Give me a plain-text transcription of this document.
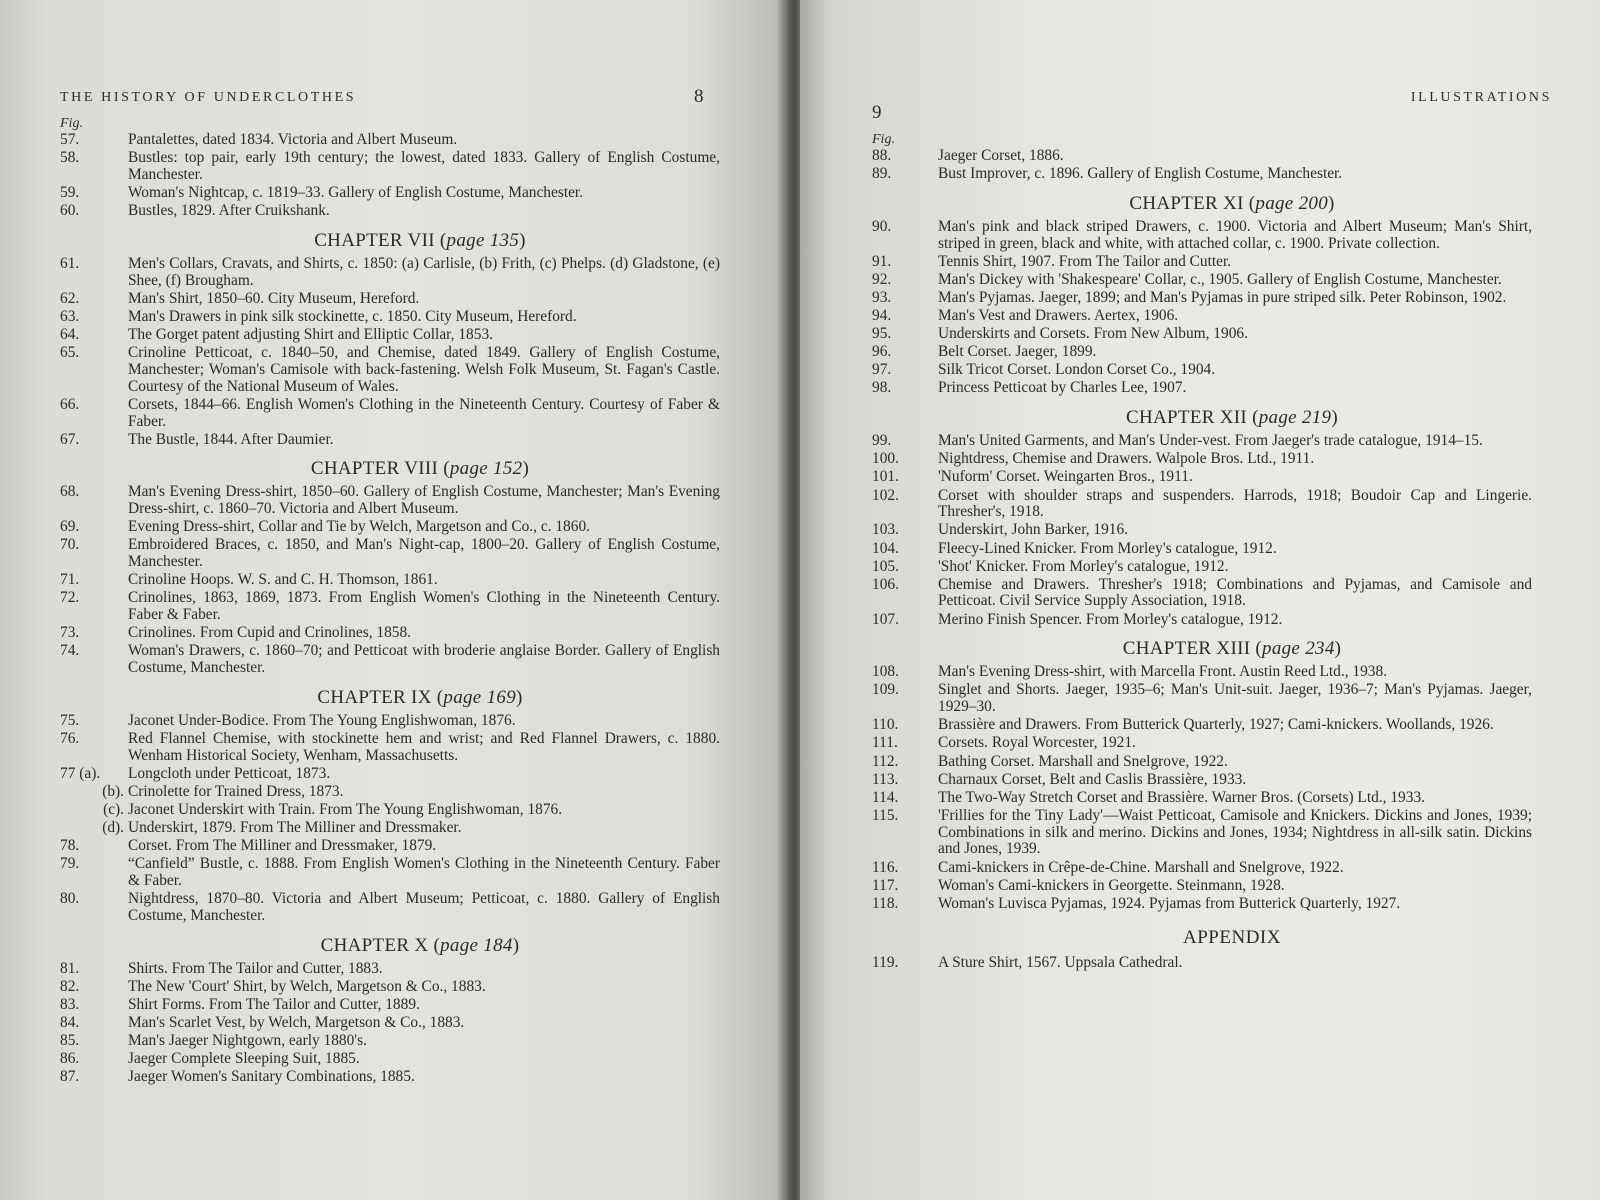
THE HISTORY OF UNDERCLOTHES	8
Fig.
57.	Pantalettes, dated 1834. Victoria and Albert Museum.
58.	Bustles: top pair, early 19th century; the lowest, dated 1833. Gallery of English Costume, Manchester.
59.	Woman's Nightcap, c. 1819–33. Gallery of English Costume, Manchester.
60.	Bustles, 1829. After Cruikshank.
CHAPTER VII (page 135)
61.	Men's Collars, Cravats, and Shirts, c. 1850: (a) Carlisle, (b) Frith, (c) Phelps. (d) Gladstone, (e) Shee, (f) Brougham.
62.	Man's Shirt, 1850–60. City Museum, Hereford.
63.	Man's Drawers in pink silk stockinette, c. 1850. City Museum, Hereford.
64.	The Gorget patent adjusting Shirt and Elliptic Collar, 1853.
65.	Crinoline Petticoat, c. 1840–50, and Chemise, dated 1849. Gallery of English Costume, Manchester; Woman's Camisole with back-fastening. Welsh Folk Museum, St. Fagan's Castle. Courtesy of the National Museum of Wales.
66.	Corsets, 1844–66. English Women's Clothing in the Nineteenth Century. Courtesy of Faber & Faber.
67.	The Bustle, 1844. After Daumier.
CHAPTER VIII (page 152)
68.	Man's Evening Dress-shirt, 1850–60. Gallery of English Costume, Manchester; Man's Evening Dress-shirt, c. 1860–70. Victoria and Albert Museum.
69.	Evening Dress-shirt, Collar and Tie by Welch, Margetson and Co., c. 1860.
70.	Embroidered Braces, c. 1850, and Man's Night-cap, 1800–20. Gallery of English Costume, Manchester.
71.	Crinoline Hoops. W. S. and C. H. Thomson, 1861.
72.	Crinolines, 1863, 1869, 1873. From English Women's Clothing in the Nineteenth Century. Faber & Faber.
73.	Crinolines. From Cupid and Crinolines, 1858.
74.	Woman's Drawers, c. 1860–70; and Petticoat with broderie anglaise Border. Gallery of English Costume, Manchester.
CHAPTER IX (page 169)
75.	Jaconet Under-Bodice. From The Young Englishwoman, 1876.
76.	Red Flannel Chemise, with stockinette hem and wrist; and Red Flannel Drawers, c. 1880. Wenham Historical Society, Wenham, Massachusetts.
77 (a).	Longcloth under Petticoat, 1873.
(b). Crinolette for Trained Dress, 1873.
(c). Jaconet Underskirt with Train. From The Young Englishwoman, 1876.
(d). Underskirt, 1879. From The Milliner and Dressmaker.
78.	Corset. From The Milliner and Dressmaker, 1879.
79.	“Canfield” Bustle, c. 1888. From English Women's Clothing in the Nineteenth Century. Faber & Faber.
80.	Nightdress, 1870–80. Victoria and Albert Museum; Petticoat, c. 1880. Gallery of English Costume, Manchester.
CHAPTER X (page 184)
81.	Shirts. From The Tailor and Cutter, 1883.
82.	The New 'Court' Shirt, by Welch, Margetson & Co., 1883.
83.	Shirt Forms. From The Tailor and Cutter, 1889.
84.	Man's Scarlet Vest, by Welch, Margetson & Co., 1883.
85.	Man's Jaeger Nightgown, early 1880's.
86.	Jaeger Complete Sleeping Suit, 1885.
87.	Jaeger Women's Sanitary Combinations, 1885.
9
ILLUSTRATIONS
Fig.
88.	Jaeger Corset, 1886.
89.	Bust Improver, c. 1896. Gallery of English Costume, Manchester.
CHAPTER XI (page 200)
90.	Man's pink and black striped Drawers, c. 1900. Victoria and Albert Museum; Man's Shirt, striped in green, black and white, with attached collar, c. 1900. Private collection.
91.	Tennis Shirt, 1907. From The Tailor and Cutter.
92.	Man's Dickey with 'Shakespeare' Collar, c., 1905. Gallery of English Costume, Manchester.
93.	Man's Pyjamas. Jaeger, 1899; and Man's Pyjamas in pure striped silk. Peter Robinson, 1902.
94.	Man's Vest and Drawers. Aertex, 1906.
95.	Underskirts and Corsets. From New Album, 1906.
96.	Belt Corset. Jaeger, 1899.
97.	Silk Tricot Corset. London Corset Co., 1904.
98.	Princess Petticoat by Charles Lee, 1907.
CHAPTER XII (page 219)
99.	Man's United Garments, and Man's Under-vest. From Jaeger's trade catalogue, 1914–15.
100.	Nightdress, Chemise and Drawers. Walpole Bros. Ltd., 1911.
101.	'Nuform' Corset. Weingarten Bros., 1911.
102.	Corset with shoulder straps and suspenders. Harrods, 1918; Boudoir Cap and Lingerie. Thresher's, 1918.
103.	Underskirt, John Barker, 1916.
104.	Fleecy-Lined Knicker. From Morley's catalogue, 1912.
105.	'Shot' Knicker. From Morley's catalogue, 1912.
106.	Chemise and Drawers. Thresher's 1918; Combinations and Pyjamas, and Camisole and Petticoat. Civil Service Supply Association, 1918.
107.	Merino Finish Spencer. From Morley's catalogue, 1912.
CHAPTER XIII (page 234)
108.	Man's Evening Dress-shirt, with Marcella Front. Austin Reed Ltd., 1938.
109.	Singlet and Shorts. Jaeger, 1935–6; Man's Unit-suit. Jaeger, 1936–7; Man's Pyjamas. Jaeger, 1929–30.
110.	Brassière and Drawers. From Butterick Quarterly, 1927; Cami-knickers. Woollands, 1926.
111.	Corsets. Royal Worcester, 1921.
112.	Bathing Corset. Marshall and Snelgrove, 1922.
113.	Charnaux Corset, Belt and Caslis Brassière, 1933.
114.	The Two-Way Stretch Corset and Brassière. Warner Bros. (Corsets) Ltd., 1933.
115.	'Frillies for the Tiny Lady'—Waist Petticoat, Camisole and Knickers. Dickins and Jones, 1939; Combinations in silk and merino. Dickins and Jones, 1934; Nightdress in all-silk satin. Dickins and Jones, 1939.
116.	Cami-knickers in Crêpe-de-Chine. Marshall and Snelgrove, 1922.
117.	Woman's Cami-knickers in Georgette. Steinmann, 1928.
118.	Woman's Luvisca Pyjamas, 1924. Pyjamas from Butterick Quarterly, 1927.
APPENDIX
119.	A Sture Shirt, 1567. Uppsala Cathedral.
